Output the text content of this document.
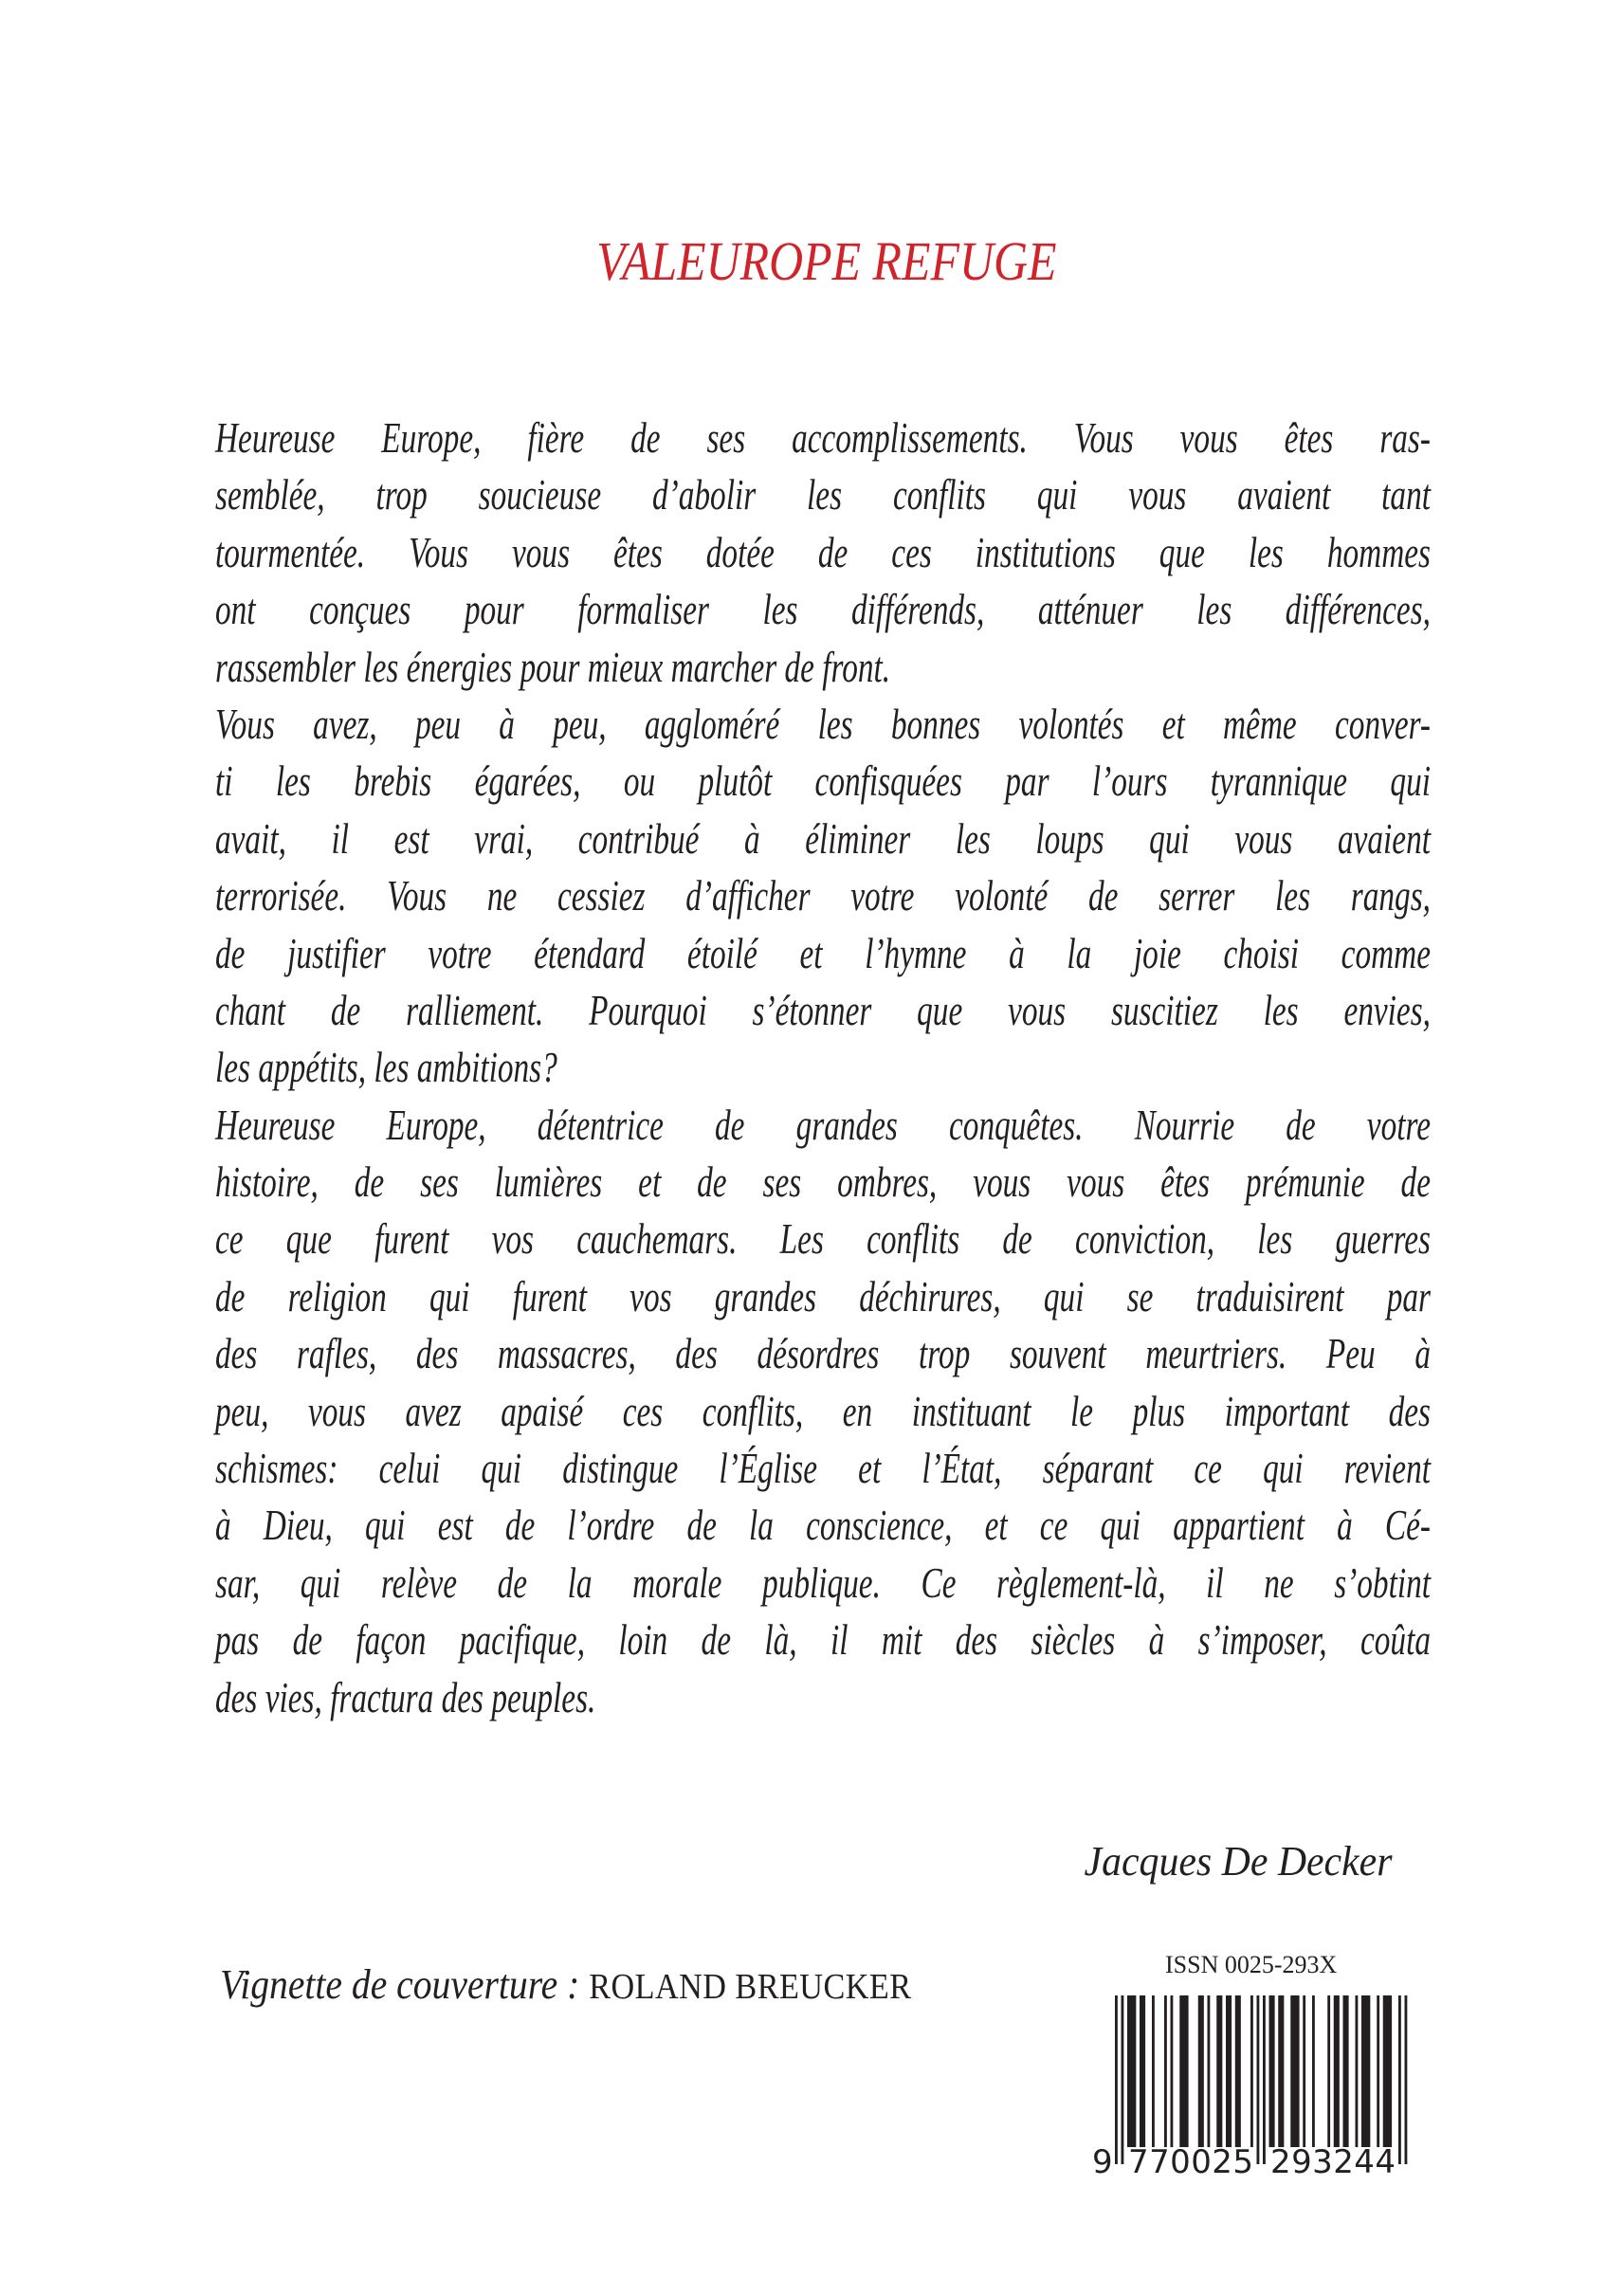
VALEUROPE REFUGE
Heureuse Europe, fière de ses accomplissements. Vous vous êtes ras-
semblée, trop soucieuse d’abolir les conflits qui vous avaient tant
tourmentée. Vous vous êtes dotée de ces institutions que les hommes
ont conçues pour formaliser les différends, atténuer les différences,
rassembler les énergies pour mieux marcher de front.
Vous avez, peu à peu, aggloméré les bonnes volontés et même conver-
ti les brebis égarées, ou plutôt confisquées par l’ours tyrannique qui
avait, il est vrai, contribué à éliminer les loups qui vous avaient
terrorisée. Vous ne cessiez d’afficher votre volonté de serrer les rangs,
de justifier votre étendard étoilé et l’hymne à la joie choisi comme
chant de ralliement. Pourquoi s’étonner que vous suscitiez les envies,
les appétits, les ambitions?
Heureuse Europe, détentrice de grandes conquêtes. Nourrie de votre
histoire, de ses lumières et de ses ombres, vous vous êtes prémunie de
ce que furent vos cauchemars. Les conflits de conviction, les guerres
de religion qui furent vos grandes déchirures, qui se traduisirent par
des rafles, des massacres, des désordres trop souvent meurtriers. Peu à
peu, vous avez apaisé ces conflits, en instituant le plus important des
schismes: celui qui distingue l’Église et l’État, séparant ce qui revient
à Dieu, qui est de l’ordre de la conscience, et ce qui appartient à Cé-
sar, qui relève de la morale publique. Ce règlement-là, il ne s’obtint
pas de façon pacifique, loin de là, il mit des siècles à s’imposer, coûta
des vies, fractura des peuples.
Jacques De Decker
Vignette de couverture : ROLAND BREUCKER
ISSN 0025-293X
9 770025 293244
